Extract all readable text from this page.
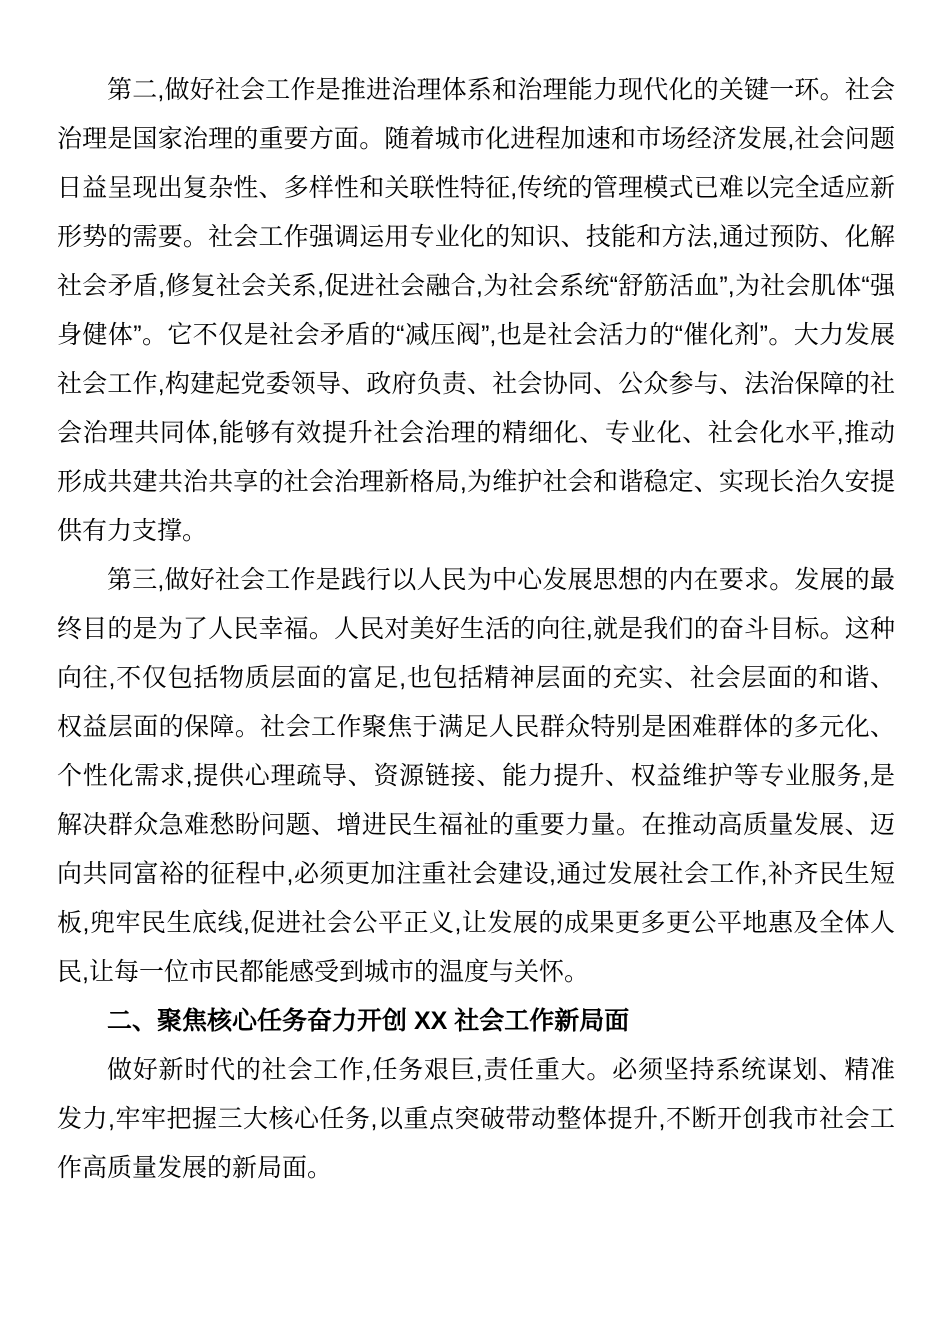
第二,做好社会工作是推进治理体系和治理能力现代化的关键一环。社会治理是国家治理的重要方面。随着城市化进程加速和市场经济发展,社会问题日益呈现出复杂性、多样性和关联性特征,传统的管理模式已难以完全适应新形势的需要。社会工作强调运用专业化的知识、技能和方法,通过预防、化解社会矛盾,修复社会关系,促进社会融合,为社会系统“舒筋活血”,为社会肌体“强身健体”。它不仅是社会矛盾的“减压阀”,也是社会活力的“催化剂”。大力发展社会工作,构建起党委领导、政府负责、社会协同、公众参与、法治保障的社会治理共同体,能够有效提升社会治理的精细化、专业化、社会化水平,推动形成共建共治共享的社会治理新格局,为维护社会和谐稳定、实现长治久安提供有力支撑。

第三,做好社会工作是践行以人民为中心发展思想的内在要求。发展的最终目的是为了人民幸福。人民对美好生活的向往,就是我们的奋斗目标。这种向往,不仅包括物质层面的富足,也包括精神层面的充实、社会层面的和谐、权益层面的保障。社会工作聚焦于满足人民群众特别是困难群体的多元化、个性化需求,提供心理疏导、资源链接、能力提升、权益维护等专业服务,是解决群众急难愁盼问题、增进民生福祉的重要力量。在推动高质量发展、迈向共同富裕的征程中,必须更加注重社会建设,通过发展社会工作,补齐民生短板,兜牢民生底线,促进社会公平正义,让发展的成果更多更公平地惠及全体人民,让每一位市民都能感受到城市的温度与关怀。

二、聚焦核心任务奋力开创 XX 社会工作新局面

做好新时代的社会工作,任务艰巨,责任重大。必须坚持系统谋划、精准发力,牢牢把握三大核心任务,以重点突破带动整体提升,不断开创我市社会工作高质量发展的新局面。
